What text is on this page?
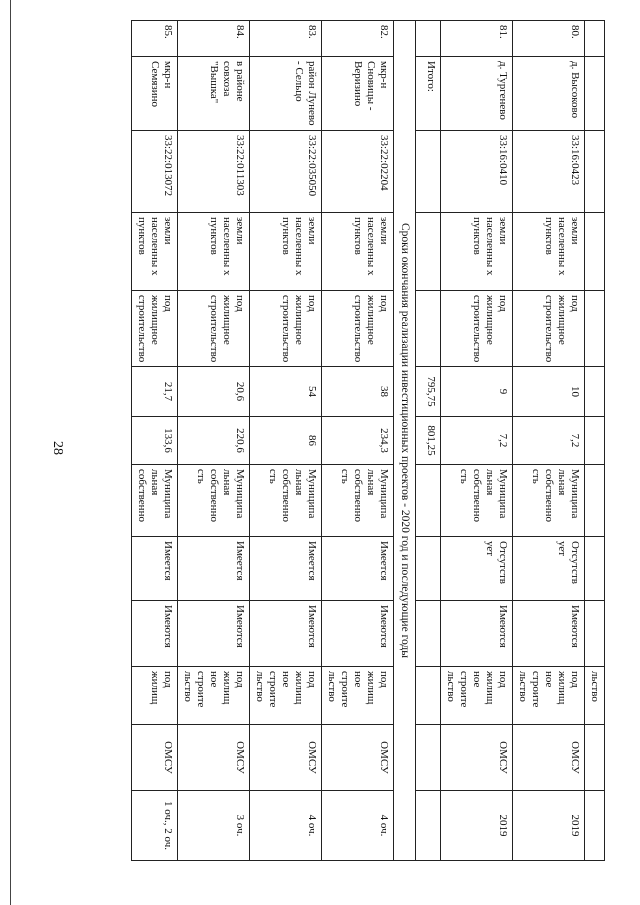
28
										льство		
80.	д. Высоково	33:16:0423	земли населенны х пунктов	под жилищное строительство	10	7,2	Муниципа льная собственно сть	Отсутств ует	Имеются	под жилищ ное строите льство	ОМСУ	2019
81.	д. Тургенево	33:16:0410	земли населенны х пунктов	под жилищное строительство	9	7,2	Муниципа льная собственно сть	Отсутств ует	Имеются	под жилищ ное строите льство	ОМСУ	2019
	Итого:				795,75	801,25						
Сроки окончания реализации инвестиционных проектов - 2020 год и последующие годы												
82.	мкр-н Сновицы - Веризино	33:22:02204	земли населенны х пунктов	под жилищное строительство	38	234,3	Муниципа льная собственно сть	Имеется	Имеются	под жилищ ное строите льство	ОМСУ	4 оч.
83.	район Лунево - Сельцо	33:22:035050	земли населенны х пунктов	под жилищное строительство	54	86	Муниципа льная собственно сть	Имеется	Имеются	под жилищ ное строите льство	ОМСУ	4 оч.
84.	в районе совхоза "Вышка"	33:22:011303	земли населенны х пунктов	под жилищное строительство	20,6	220,6	Муниципа льная собственно сть	Имеется	Имеются	под жилищ ное строите льство	ОМСУ	3 оч.
85.	мкр-н Семязино	33:22:013072	земли населенны х пунктов	под жилищное строительство	21,7	133,6	Муниципа льная собственно	Имеется	Имеются	под жилищ	ОМСУ	1 оч., 2 оч.
